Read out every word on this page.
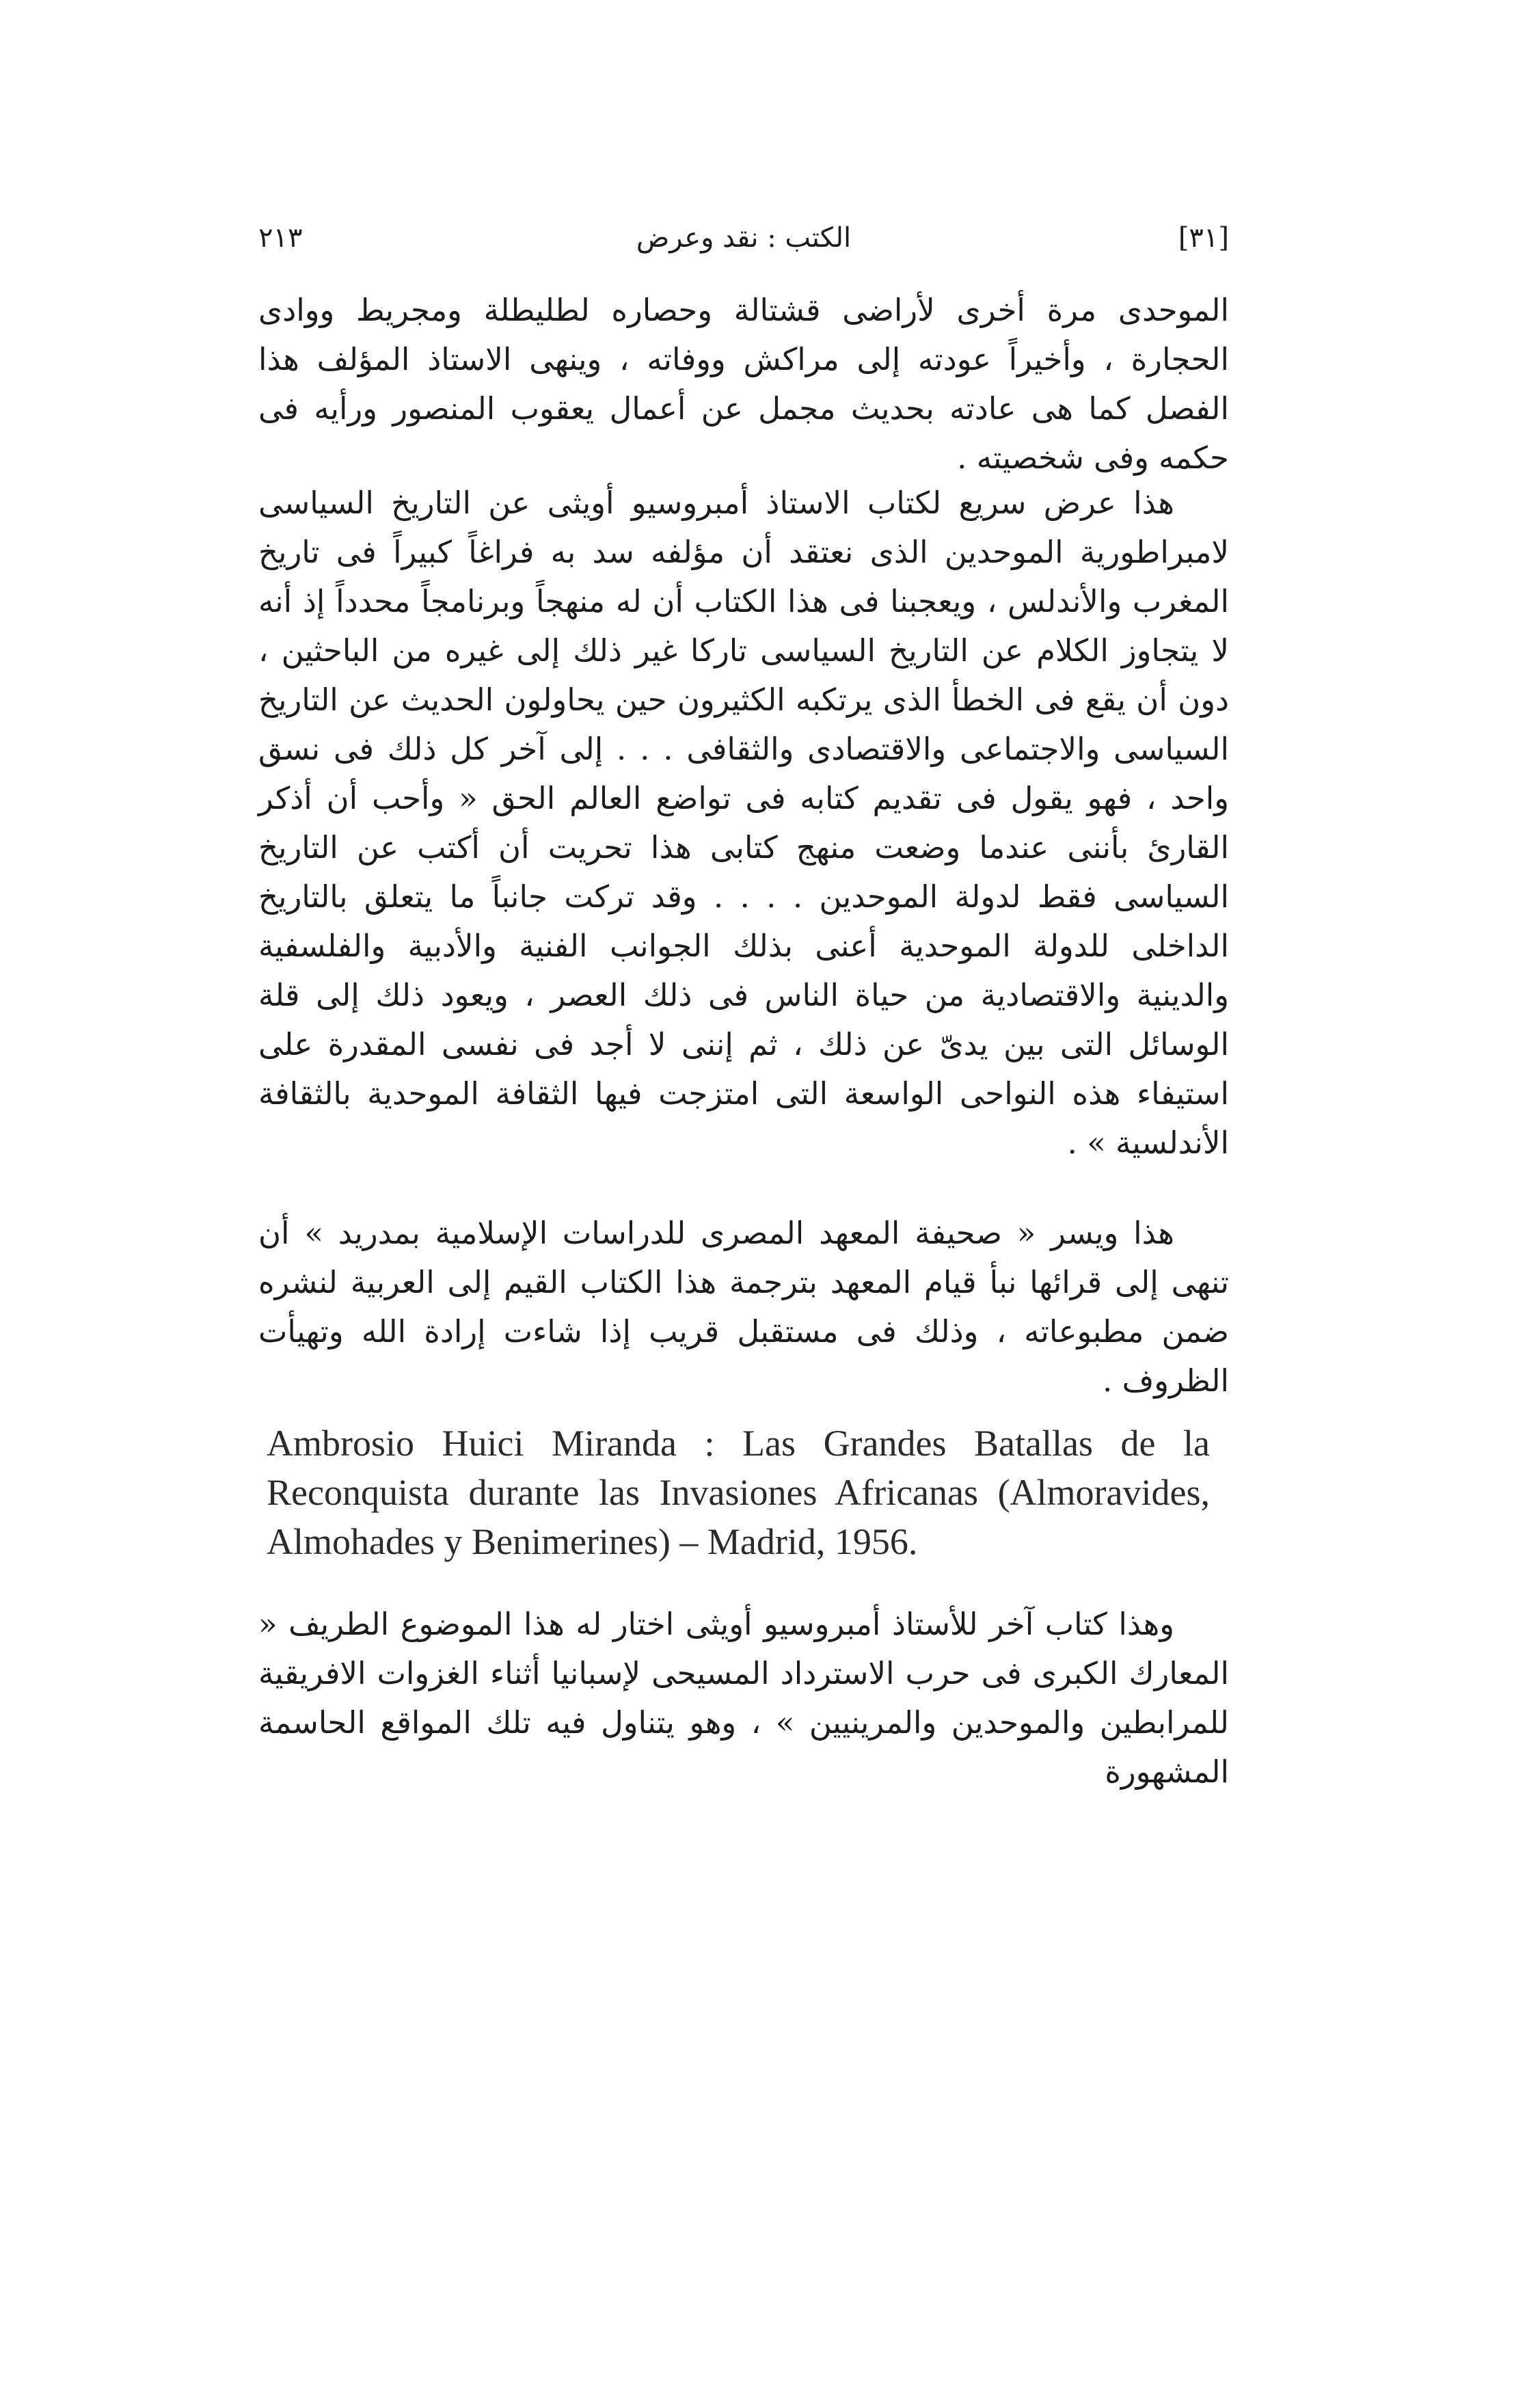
٢١٣	الكتب : نقد وعرض	[٣١]

الموحدى مرة أخرى لأراضى قشتالة وحصاره لطليطلة ومجريط ووادى الحجارة ، وأخيراً عودته إلى مراكش ووفاته ، وينهى الاستاذ المؤلف هذا الفصل كما هى عادته بحديث مجمل عن أعمال يعقوب المنصور ورأيه فى حكمه وفى شخصيته .

هذا عرض سريع لكتاب الاستاذ أمبروسيو أويثى عن التاريخ السياسى لامبراطورية الموحدين الذى نعتقد أن مؤلفه سد به فراغاً كبيراً فى تاريخ المغرب والأندلس ، ويعجبنا فى هذا الكتاب أن له منهجاً وبرنامجاً محدداً إذ أنه لا يتجاوز الكلام عن التاريخ السياسى تاركا غير ذلك إلى غيره من الباحثين ، دون أن يقع فى الخطأ الذى يرتكبه الكثيرون حين يحاولون الحديث عن التاريخ السياسى والاجتماعى والاقتصادى والثقافى . . . إلى آخر كل ذلك فى نسق واحد ، فهو يقول فى تقديم كتابه فى تواضع العالم الحق « وأحب أن أذكر القارئ بأننى عندما وضعت منهج كتابى هذا تحريت أن أكتب عن التاريخ السياسى فقط لدولة الموحدين . . . . وقد تركت جانباً ما يتعلق بالتاريخ الداخلى للدولة الموحدية أعنى بذلك الجوانب الفنية والأدبية والفلسفية والدينية والاقتصادية من حياة الناس فى ذلك العصر ، ويعود ذلك إلى قلة الوسائل التى بين يدىّ عن ذلك ، ثم إننى لا أجد فى نفسى المقدرة على استيفاء هذه النواحى الواسعة التى امتزجت فيها الثقافة الموحدية بالثقافة الأندلسية » .

هذا ويسر « صحيفة المعهد المصرى للدراسات الإسلامية بمدريد » أن تنهى إلى قرائها نبأ قيام المعهد بترجمة هذا الكتاب القيم إلى العربية لنشره ضمن مطبوعاته ، وذلك فى مستقبل قريب إذا شاءت إرادة الله وتهيأت الظروف .

Ambrosio Huici Miranda : Las Grandes Batallas de la Reconquista durante las Invasiones Africanas (Almoravides, Almohades y Benimerines) – Madrid, 1956.

وهذا كتاب آخر للأستاذ أمبروسيو أويثى اختار له هذا الموضوع الطريف « المعارك الكبرى فى حرب الاسترداد المسيحى لإسبانيا أثناء الغزوات الافريقية للمرابطين والموحدين والمرينيين » ، وهو يتناول فيه تلك المواقع الحاسمة المشهورة
